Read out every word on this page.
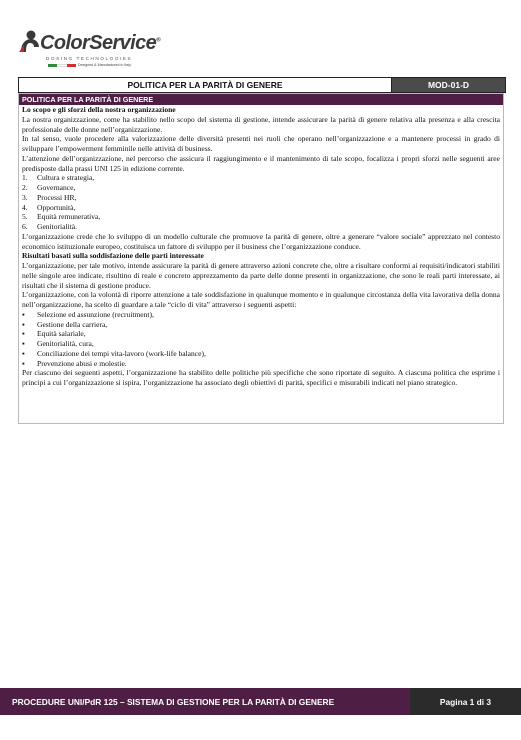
ColorService®
DOSING TECHNOLOGIES
Designed & Manufactured in Italy
POLITICA PER LA PARITÀ DI GENERE	MOD-01-D
POLITICA PER LA PARITÀ DI GENERE

Lo scopo e gli sforzi della nostra organizzazione

La nostra organizzazione, come ha stabilito nello scopo del sistema di gestione, intende assicurare la parità di genere relativa alla presenza e alla crescita professionale delle donne nell’organizzazione.

In tal senso, vuole procedere alla valorizzazione delle diversità presenti nei ruoli che operano nell’organizzazione e a mantenere processi in grado di sviluppare l’empowerment femminile nelle attività di business.

L’attenzione dell’organizzazione, nel percorso che assicura il raggiungimento e il mantenimento di tale scopo, focalizza i propri sforzi nelle seguenti aree predisposte dalla prassi UNI 125 in edizione corrente.

1.	Cultura e strategia,
2.	Governance,
3.	Processi HR,
4.	Opportunità,
5.	Equità remunerativa,
6.	Genitorialità.

L’organizzazione crede che lo sviluppo di un modello culturale che promuove la parità di genere, oltre a generare “valore sociale” apprezzato nel contesto economico istituzionale europeo, costituisca un fattore di sviluppo per il business che l’organizzazione conduce.

Risultati basati sulla soddisfazione delle parti interessate

L’organizzazione, per tale motivo, intende assicurare la parità di genere attraverso azioni concrete che, oltre a risultare conformi ai requisiti/indicatori stabiliti nelle singole aree indicate, risultino di reale e concreto apprezzamento da parte delle donne presenti in organizzazione, che sono le reali parti interessate, ai risultati che il sistema di gestione produce.

L’organizzazione, con la volontà di riporre attenzione a tale soddisfazione in qualunque momento e in qualunque circostanza della vita lavorativa della donna nell’organizzazione, ha scelto di guardare a tale “ciclo di vita” attraverso i seguenti aspetti:

▪	Selezione ed assunzione (recruitment),
▪	Gestione della carriera,
▪	Equità salariale,
▪	Genitorialità, cura,
▪	Conciliazione dei tempi vita-lavoro (work-life balance),
▪	Prevenzione abusi e molestie.

Per ciascuno dei seguenti aspetti, l’organizzazione ha stabilito delle politiche più specifiche che sono riportate di seguito. A ciascuna politica che esprime i principi a cui l’organizzazione si ispira, l’organizzazione ha associato degli obiettivi di parità, specifici e misurabili indicati nel piano strategico.

PROCEDURE UNI/PdR 125 – SISTEMA DI GESTIONE PER LA PARITÀ DI GENERE	Pagina 1 di 3
